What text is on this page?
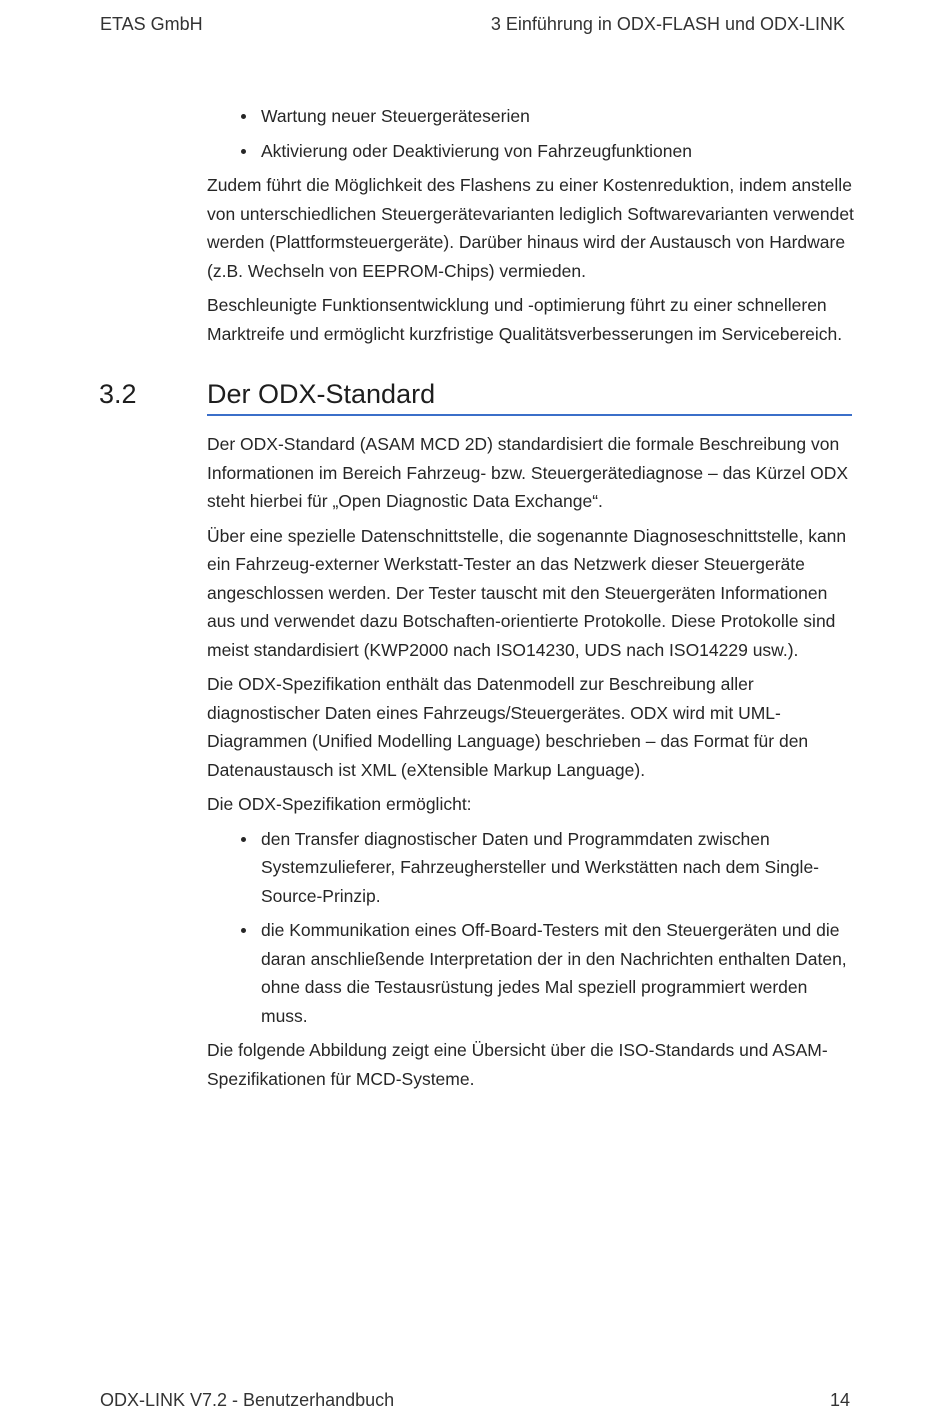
ETAS GmbH	3 Einführung in ODX-FLASH und ODX-LINK
Wartung neuer Steuergeräteserien
Aktivierung oder Deaktivierung von Fahrzeugfunktionen

Zudem führt die Möglichkeit des Flashens zu einer Kostenreduktion, indem anstelle von unterschiedlichen Steuergerätevarianten lediglich Softwarevarianten verwendet werden (Plattformsteuergeräte). Darüber hinaus wird der Austausch von Hardware (z.B. Wechseln von EEPROM-Chips) vermieden.

Beschleunigte Funktionsentwicklung und -optimierung führt zu einer schnelleren Marktreife und ermöglicht kurzfristige Qualitätsverbesserungen im Servicebereich.

3.2	Der ODX-Standard

Der ODX-Standard (ASAM MCD 2D) standardisiert die formale Beschreibung von Informationen im Bereich Fahrzeug- bzw. Steuergerätediagnose – das Kürzel ODX steht hierbei für „Open Diagnostic Data Exchange“.

Über eine spezielle Datenschnittstelle, die sogenannte Diagnoseschnittstelle, kann ein Fahrzeug-externer Werkstatt-Tester an das Netzwerk dieser Steuergeräte angeschlossen werden. Der Tester tauscht mit den Steuergeräten Informationen aus und verwendet dazu Botschaften-orientierte Protokolle. Diese Protokolle sind meist standardisiert (KWP2000 nach ISO14230, UDS nach ISO14229 usw.).

Die ODX-Spezifikation enthält das Datenmodell zur Beschreibung aller diagnostischer Daten eines Fahrzeugs/Steuergerätes. ODX wird mit UML-Diagrammen (Unified Modelling Language) beschrieben – das Format für den Datenaustausch ist XML (eXtensible Markup Language).

Die ODX-Spezifikation ermöglicht:

den Transfer diagnostischer Daten und Programmdaten zwischen Systemzulieferer, Fahrzeughersteller und Werkstätten nach dem Single-Source-Prinzip.
die Kommunikation eines Off-Board-Testers mit den Steuergeräten und die daran anschließende Interpretation der in den Nachrichten enthalten Daten, ohne dass die Testausrüstung jedes Mal speziell programmiert werden muss.

Die folgende Abbildung zeigt eine Übersicht über die ISO-Standards und ASAM-Spezifikationen für MCD-Systeme.

ODX-LINK V7.2 - Benutzerhandbuch	14
